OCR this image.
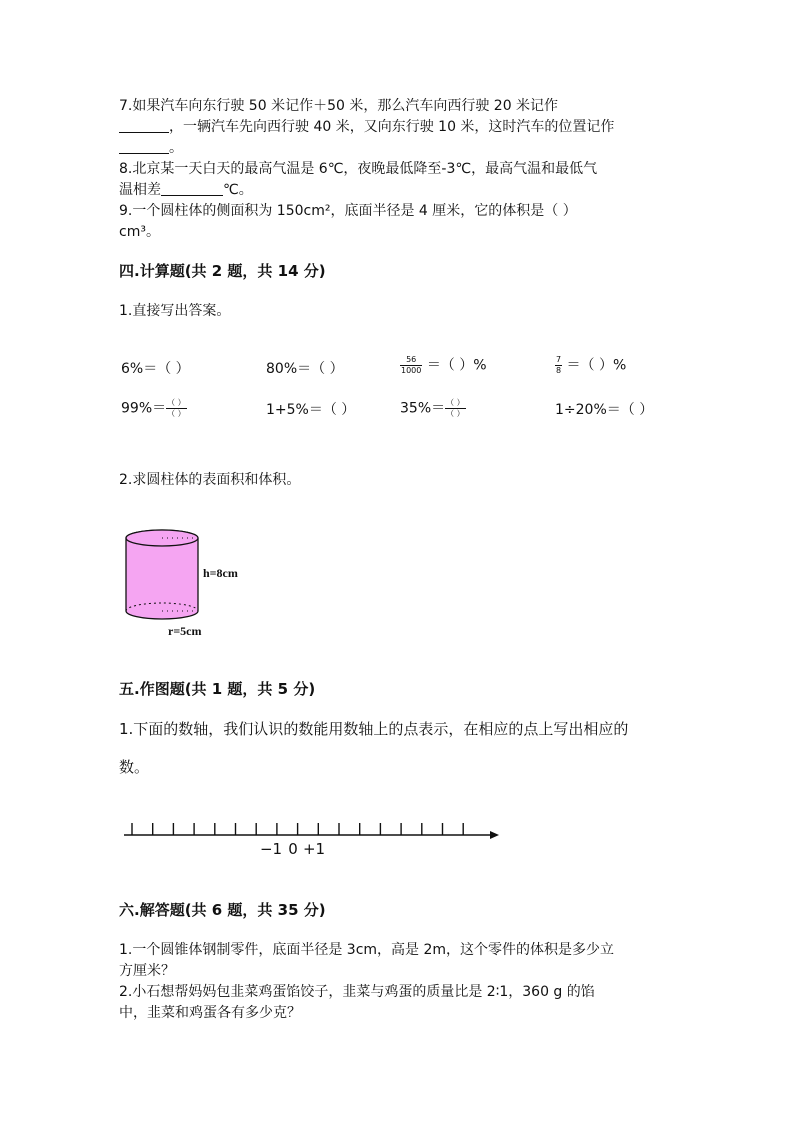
7.如果汽车向东行驶 50 米记作＋50 米，那么汽车向西行驶 20 米记作
，一辆汽车先向西行驶 40 米，又向东行驶 10 米，这时汽车的位置记作
。
8.北京某一天白天的最高气温是 6℃，夜晚最低降至-3℃，最高气温和最低气
温相差	℃。
9.一个圆柱体的侧面积为 150cm²，底面半径是 4 厘米，它的体积是（ ）
cm³。
四.计算题(共 2 题，共 14 分)
1.直接写出答案。
6%＝（ ）	80%＝（ ）	$\frac{56}{1000}$ ＝（ ）%	$\frac{7}{8}$ ＝（ ）%
$99\%= \frac{( )}{( )}$	1+5%＝（ ）	$35\%= \frac{( )}{( )}$	1÷20%＝（ ）
2.求圆柱体的表面积和体积。
h=8cm
r=5cm
五.作图题(共 1 题，共 5 分)
1.下面的数轴，我们认识的数能用数轴上的点表示，在相应的点上写出相应的
数。
−1 0 +1
六.解答题(共 6 题，共 35 分)
1.一个圆锥体钢制零件，底面半径是 3cm，高是 2m，这个零件的体积是多少立
方厘米？
2.小石想帮妈妈包韭菜鸡蛋馅饺子，韭菜与鸡蛋的质量比是 2∶1，360 g 的馅
中，韭菜和鸡蛋各有多少克？
